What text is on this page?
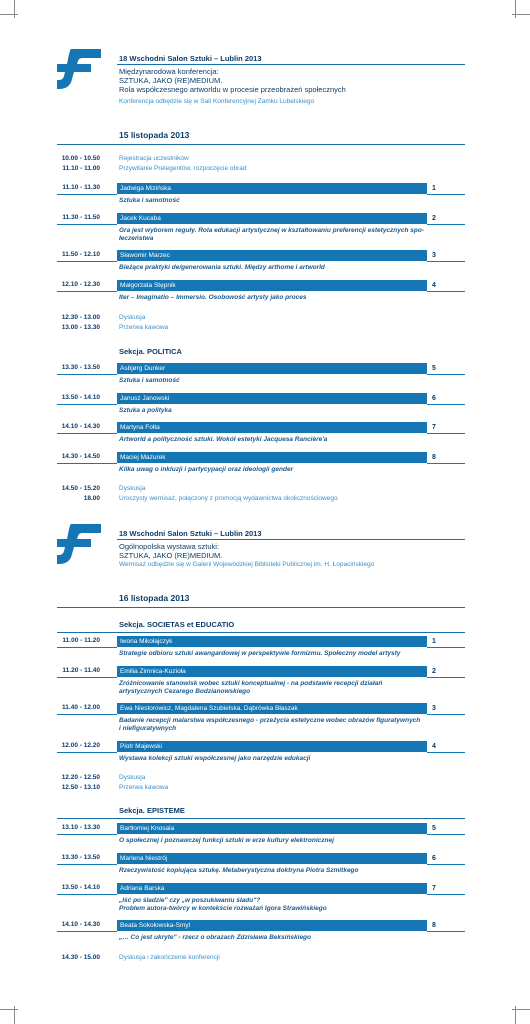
18 Wschodni Salon Sztuki – Lublin 2013
Międzynarodowa konferencja:
SZTUKA, JAKO (RE)MEDIUM.
Rola współczesnego artworldu w procesie przeobrażeń społecznych
Konferencja odbędzie się w Sali Konferencyjnej Zamku Lubelskiego
15 listopada 2013
10.00 - 10.50	Rejestracja uczestników
11.10 - 11.00	Przywitanie Prelegentów, rozpoczęcie obrad
11.10 - 11.30	Jadwiga Mizińska	1
Sztuka i samotność
11.30 - 11.50	Jacek Kucaba	2
Gra jest wyborem reguły. Rola edukacji artystycznej w kształtowaniu preferencji estetycznych spo-
łeczeństwa
11.50 - 12.10	Sławomir Marzec	3
Bieżące praktyki de/generowania sztuki. Między arthome i artworld
12.10 - 12.30	Małgorzata Stępnik	4
Iter – Imaginatio – Immersio. Osobowość artysty jako proces
12.30 - 13.00	Dyskusja
13.00 - 13.30	Przerwa kawowa
Sekcja. POLITICA
13.30 - 13.50	Asbjørg Dunker	5
Sztuka i samotność
13.50 - 14.10	Janusz Janowski	6
Sztuka a polityka
14.10 - 14.30	Martyna Fołta	7
Artworld a polityczność sztuki. Wokół estetyki Jacquesa Rancière'a
14.30 - 14.50	Maciej Mazurek	8
Kilka uwag o inkluzji i partycypacji oraz ideologii gender
14.50 - 15.20	Dyskusja
18.00	Uroczysty wernisaż, połączony z promocją wydawnictwa okolicznościowego
18 Wschodni Salon Sztuki – Lublin 2013
Ogólnopolska wystawa sztuki:
SZTUKA, JAKO (RE)MEDIUM.
Wernisaż odbędzie się w Galerii Wojewódzkiej Biblioteki Publicznej im. H. Łopacińskiego
16 listopada 2013
Sekcja. SOCIETAS et EDUCATIO
11.00 - 11.20	Iwona Mikołajczyk	1
Strategie odbioru sztuki awangardowej w perspektywie formizmu. Społeczny model artysty
11.20 - 11.40	Emilia Zimnica-Kuzioła	2
Zróżnicowanie stanowisk wobec sztuki konceptualnej - na podstawie recepcji działań
artystycznych Cezarego Bodzianowskiego
11.40 - 12.00	Ewa Niestorowicz, Magdalena Szubielska, Dąbrówka Błaszak	3
Badanie recepcji malarstwa współczesnego - przeżycia estetyczne wobec obrazów figuratywnych
i niefiguratywnych
12.00 - 12.20	Piotr Majewski	4
Wystawa kolekcji sztuki współczesnej jako narzędzie edukacji
12.20 - 12.50	Dyskusja
12.50 - 13.10	Przerwa kawowa
Sekcja. EPISTEME
13.10 - 13.30	Bartłomiej Knosala	5
O społecznej i poznawczej funkcji sztuki w erze kultury elektronicznej
13.30 - 13.50	Marlena Niestrój	6
Rzeczywistość kopiująca sztukę. Metaberystyczna doktryna Piotra Szmitkego
13.50 - 14.10	Adriana Barska	7
„Iść po śladzie" czy „w poszukiwaniu śladu"?
Problem autora-twórcy w kontekście rozważań Igora Strawińskiego
14.10 - 14.30	Beata Sokołowska-Smyl	8
„… Co jest ukryte" - rzecz o obrazach Zdzisława Beksińskiego
14.30 - 15.00	Dyskusja i zakończenie konferencji
